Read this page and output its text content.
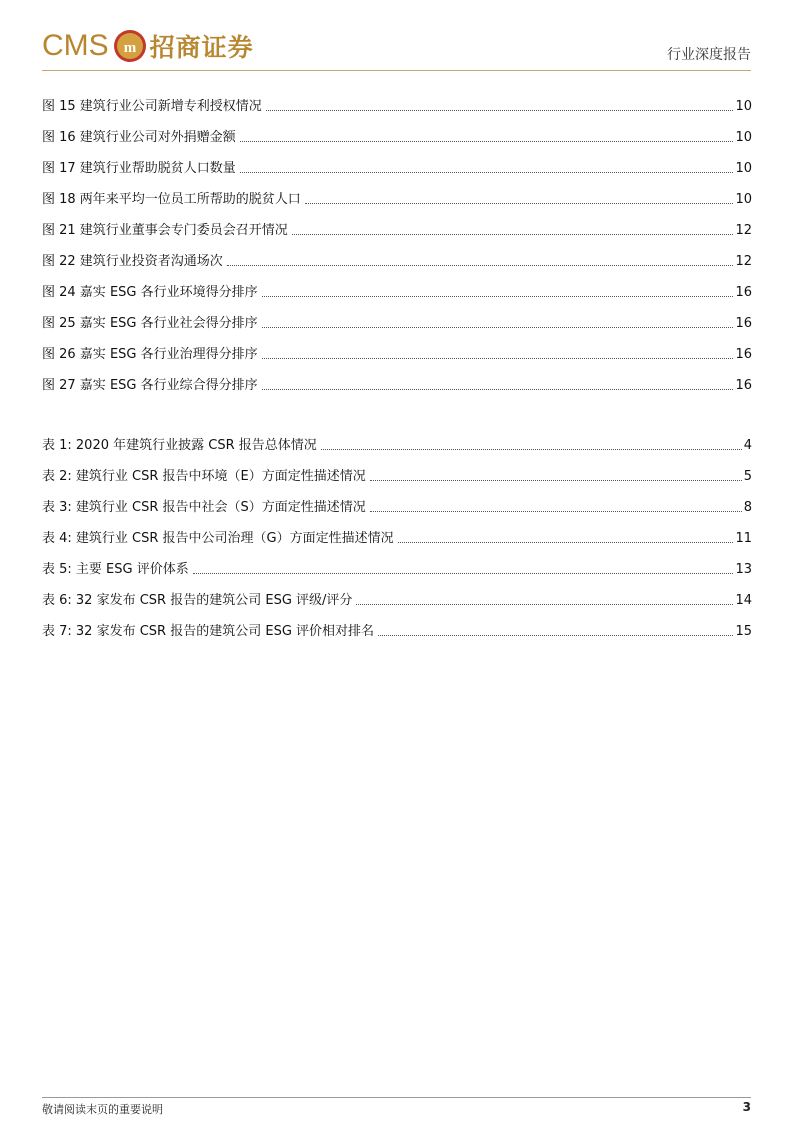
CMS m 招商证券	行业深度报告
图 15 建筑行业公司新增专利授权情况	10
图 16 建筑行业公司对外捐赠金额	10
图 17 建筑行业帮助脱贫人口数量	10
图 18 两年来平均一位员工所帮助的脱贫人口	10
图 21 建筑行业董事会专门委员会召开情况	12
图 22 建筑行业投资者沟通场次	12
图 24 嘉实 ESG 各行业环境得分排序	16
图 25 嘉实 ESG 各行业社会得分排序	16
图 26 嘉实 ESG 各行业治理得分排序	16
图 27 嘉实 ESG 各行业综合得分排序	16
表 1: 2020 年建筑行业披露 CSR 报告总体情况	4
表 2: 建筑行业 CSR 报告中环境（E）方面定性描述情况	5
表 3: 建筑行业 CSR 报告中社会（S）方面定性描述情况	8
表 4: 建筑行业 CSR 报告中公司治理（G）方面定性描述情况	11
表 5: 主要 ESG 评价体系	13
表 6: 32 家发布 CSR 报告的建筑公司 ESG 评级/评分	14
表 7: 32 家发布 CSR 报告的建筑公司 ESG 评价相对排名	15
敬请阅读末页的重要说明	3
